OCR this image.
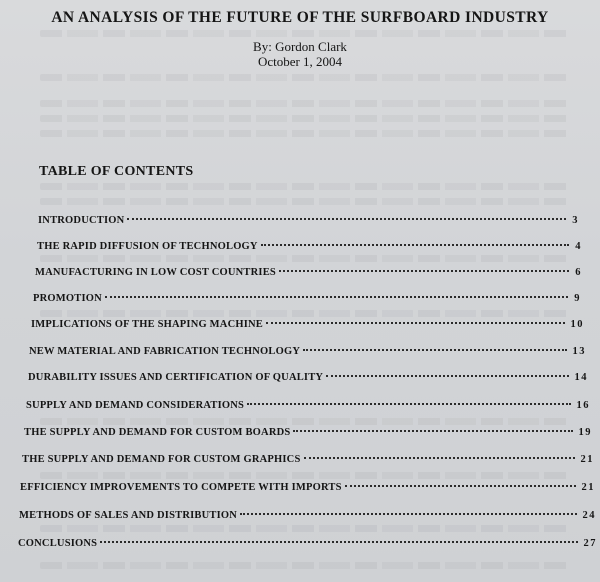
AN ANALYSIS OF THE FUTURE OF THE SURFBOARD INDUSTRY
By: Gordon Clark
October 1, 2004
TABLE OF CONTENTS
INTRODUCTION	3
THE RAPID DIFFUSION OF TECHNOLOGY	4
MANUFACTURING IN LOW COST COUNTRIES	6
PROMOTION	9
IMPLICATIONS OF THE SHAPING MACHINE	10
NEW MATERIAL AND FABRICATION TECHNOLOGY	13
DURABILITY ISSUES AND CERTIFICATION OF QUALITY	14
SUPPLY AND DEMAND CONSIDERATIONS	16
THE SUPPLY AND DEMAND FOR CUSTOM BOARDS	19
THE SUPPLY AND DEMAND FOR CUSTOM GRAPHICS	21
EFFICIENCY IMPROVEMENTS TO COMPETE WITH IMPORTS	21
METHODS OF SALES AND DISTRIBUTION	24
CONCLUSIONS	27
